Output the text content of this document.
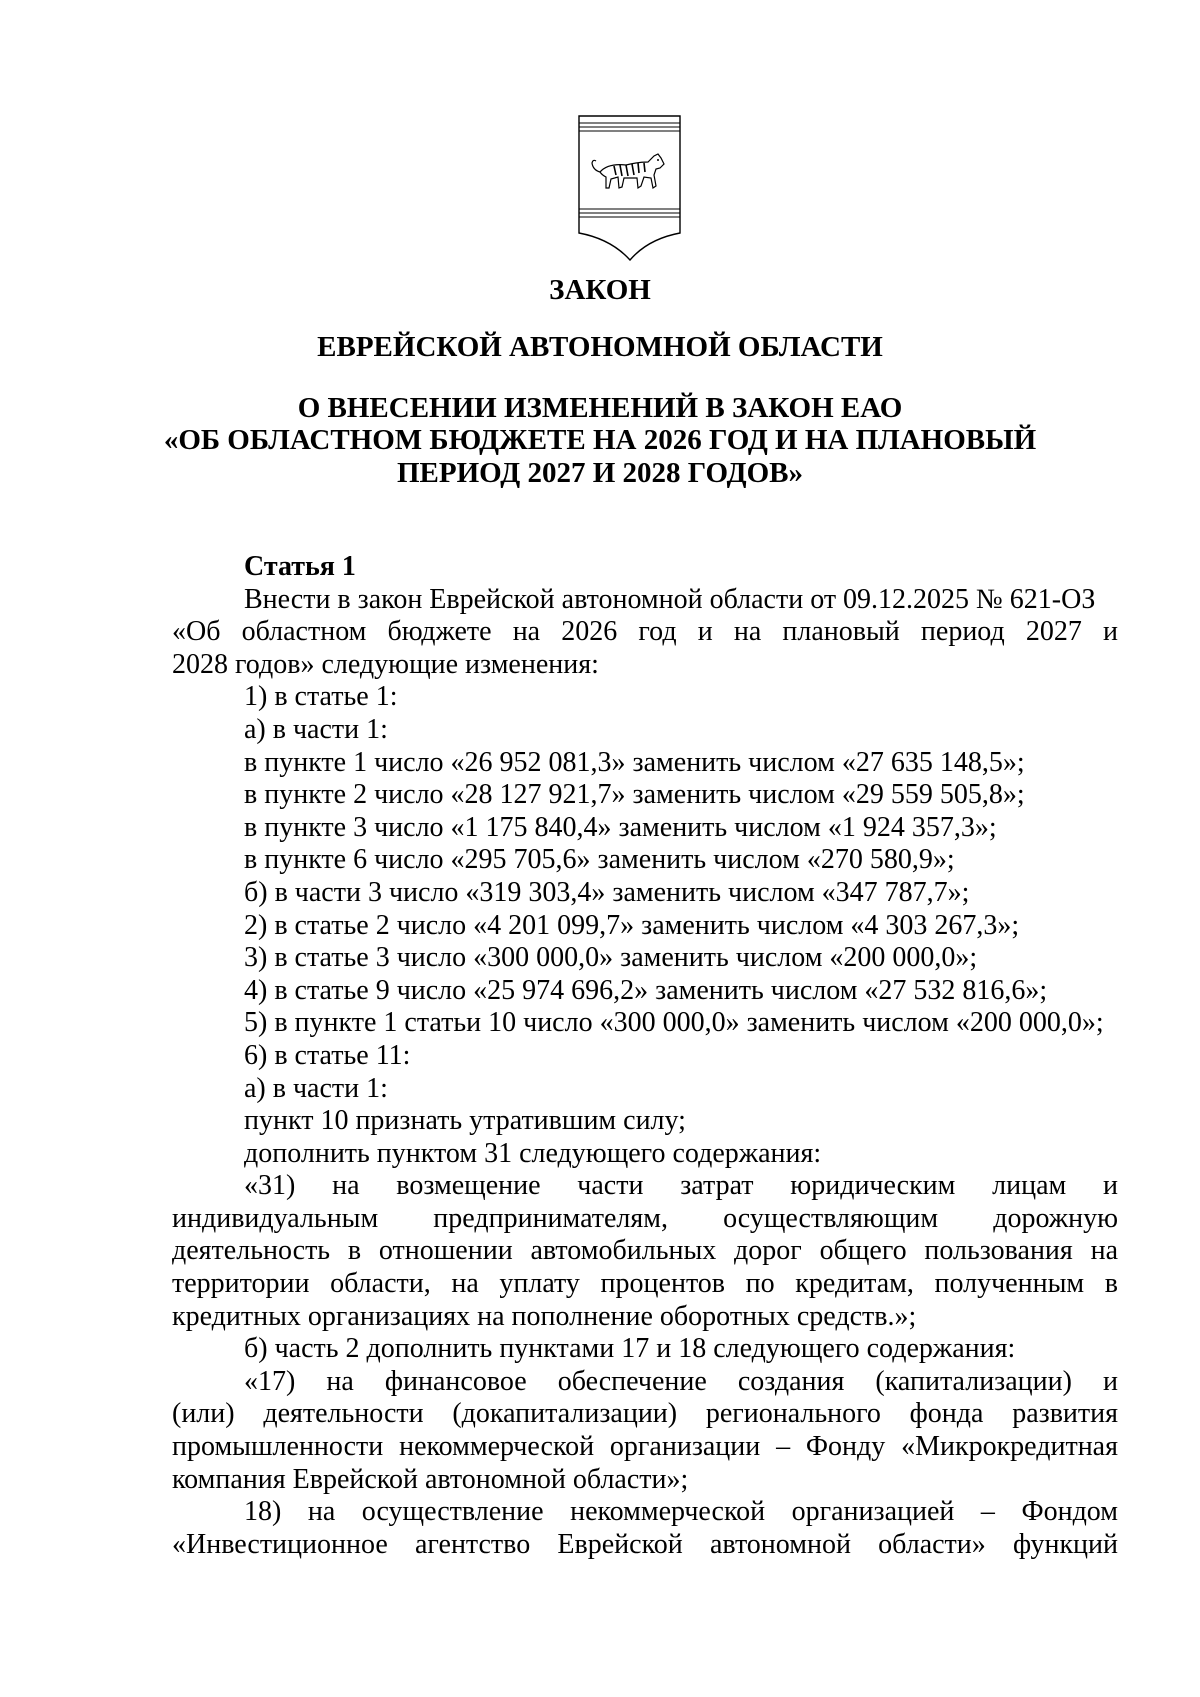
ЗАКОН
ЕВРЕЙСКОЙ АВТОНОМНОЙ ОБЛАСТИ
О ВНЕСЕНИИ ИЗМЕНЕНИЙ В ЗАКОН ЕАО
«ОБ ОБЛАСТНОМ БЮДЖЕТЕ НА 2026 ГОД И НА ПЛАНОВЫЙ
ПЕРИОД 2027 И 2028 ГОДОВ»
Статья 1
Внести в закон Еврейской автономной области от 09.12.2025 № 621-ОЗ
«Об областном бюджете на 2026 год и на плановый период 2027 и
2028 годов» следующие изменения:
1) в статье 1:
а) в части 1:
в пункте 1 число «26 952 081,3» заменить числом «27 635 148,5»;
в пункте 2 число «28 127 921,7» заменить числом «29 559 505,8»;
в пункте 3 число «1 175 840,4» заменить числом «1 924 357,3»;
в пункте 6 число «295 705,6» заменить числом «270 580,9»;
б) в части 3 число «319 303,4» заменить числом «347 787,7»;
2) в статье 2 число «4 201 099,7» заменить числом «4 303 267,3»;
3) в статье 3 число «300 000,0» заменить числом «200 000,0»;
4) в статье 9 число «25 974 696,2» заменить числом «27 532 816,6»;
5) в пункте 1 статьи 10 число «300 000,0» заменить числом «200 000,0»;
6) в статье 11:
а) в части 1:
пункт 10 признать утратившим силу;
дополнить пунктом 31 следующего содержания:
«31) на возмещение части затрат юридическим лицам и
индивидуальным предпринимателям, осуществляющим дорожную
деятельность в отношении автомобильных дорог общего пользования на
территории области, на уплату процентов по кредитам, полученным в
кредитных организациях на пополнение оборотных средств.»;
б) часть 2 дополнить пунктами 17 и 18 следующего содержания:
«17) на финансовое обеспечение создания (капитализации) и
(или) деятельности (докапитализации) регионального фонда развития
промышленности некоммерческой организации – Фонду «Микрокредитная
компания Еврейской автономной области»;
18) на осуществление некоммерческой организацией – Фондом
«Инвестиционное агентство Еврейской автономной области» функций
